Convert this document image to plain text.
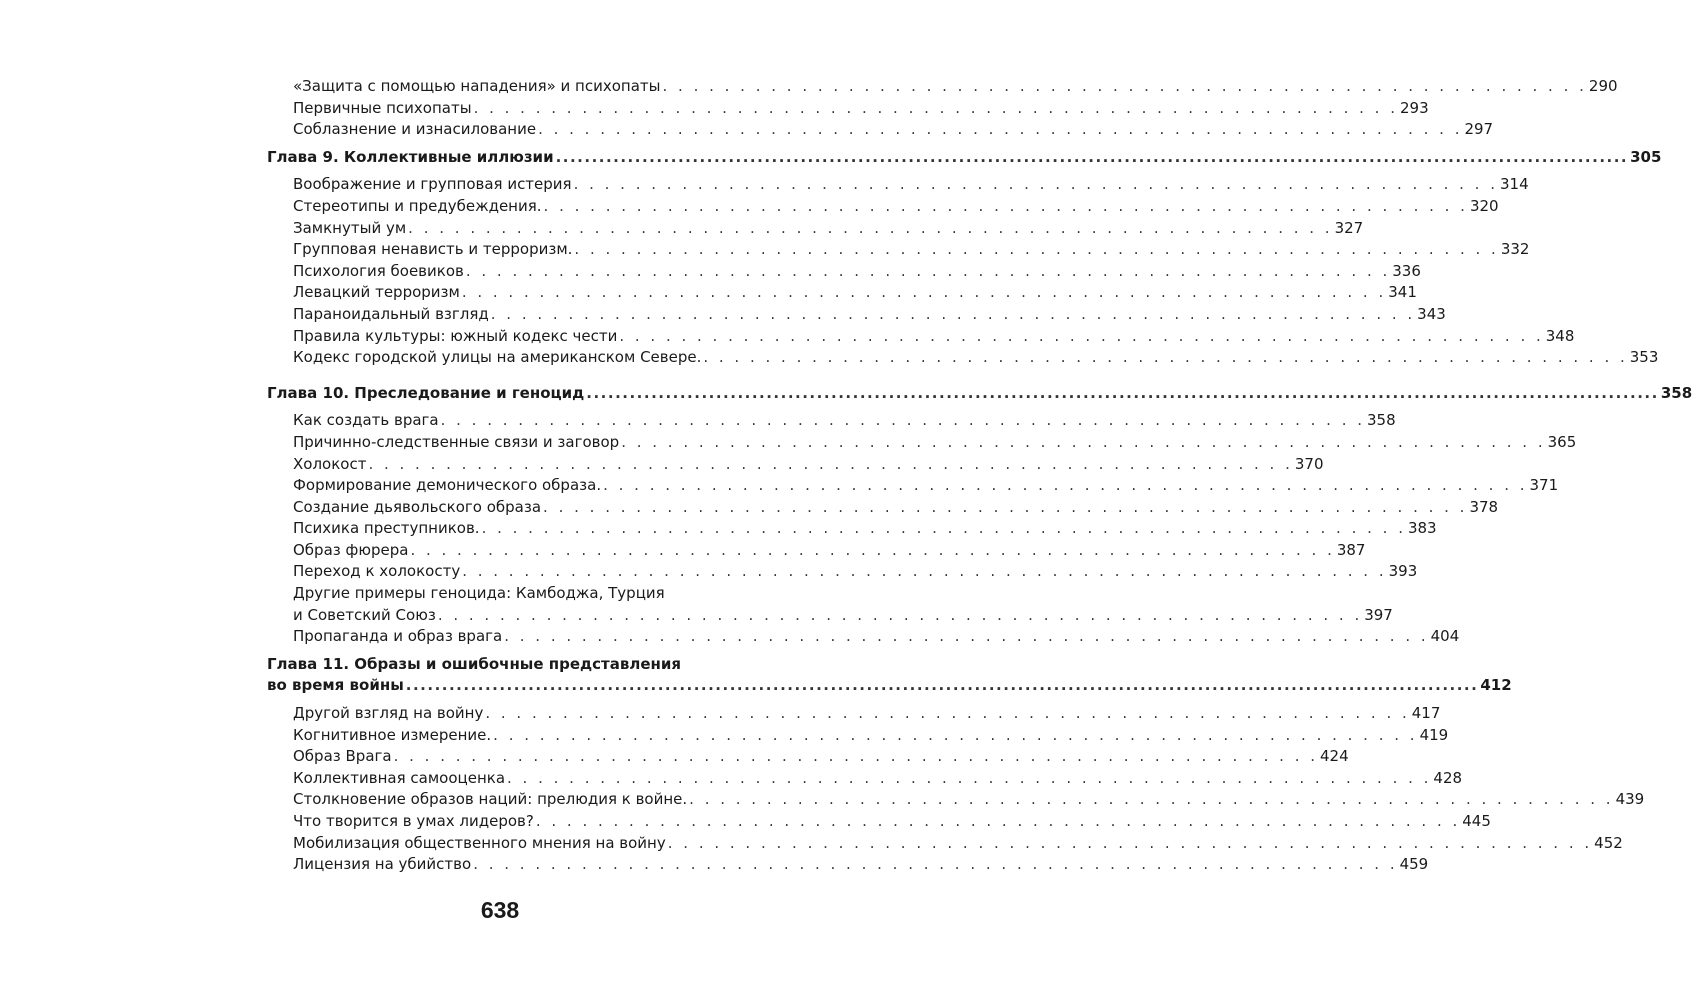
«Защита с помощью нападения» и психопаты . . .	290
Первичные психопаты . . .	293
Соблазнение и изнасилование . . .	297
Глава 9. Коллективные иллюзии .....	305
Воображение и групповая истерия . . .	314
Стереотипы и предубеждения. . . .	320
Замкнутый ум . . .	327
Групповая ненависть и терроризм. . . .	332
Психология боевиков . . .	336
Левацкий терроризм . . .	341
Параноидальный взгляд . . .	343
Правила культуры: южный кодекс чести . . .	348
Кодекс городской улицы на американском Севере. . . .	353
Глава 10. Преследование и геноцид .....	358
Как создать врага . . .	358
Причинно-следственные связи и заговор . . .	365
Холокост . . .	370
Формирование демонического образа. . . .	371
Создание дьявольского образа . . .	378
Психика преступников. . . .	383
Образ фюрера . . .	387
Переход к холокосту . . .	393
Другие примеры геноцида: Камбоджа, Турция
и Советский Союз . . .	397
Пропаганда и образ врага . . .	404
Глава 11. Образы и ошибочные представления
во время войны .....	412
Другой взгляд на войну . . .	417
Когнитивное измерение. . . .	419
Образ Врага . . .	424
Коллективная самооценка . . .	428
Столкновение образов наций: прелюдия к войне. . . .	439
Что творится в умах лидеров? . . .	445
Мобилизация общественного мнения на войну . . .	452
Лицензия на убийство . . .	459
638
